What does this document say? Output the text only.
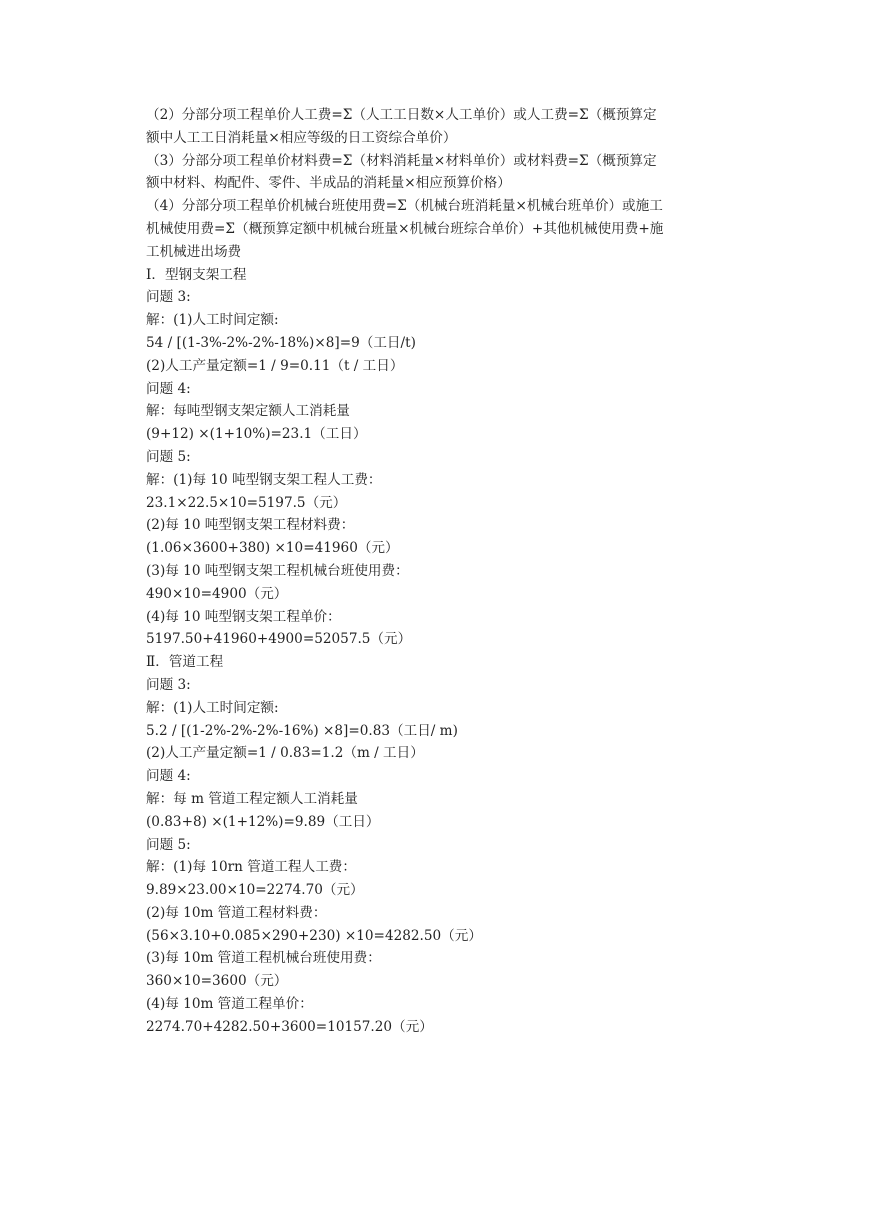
（2）分部分项工程单价人工费=Σ（人工工日数×人工单价）或人工费=Σ（概预算定
额中人工工日消耗量×相应等级的日工资综合单价）
（3）分部分项工程单价材料费=Σ（材料消耗量×材料单价）或材料费=Σ（概预算定
额中材料、构配件、零件、半成品的消耗量×相应预算价格）
（4）分部分项工程单价机械台班使用费=Σ（机械台班消耗量×机械台班单价）或施工
机械使用费=Σ（概预算定额中机械台班量×机械台班综合单价）+其他机械使用费+施
工机械进出场费
I．型钢支架工程
问题 3:
解：(1)人工时间定额:
54 / [(1-3%-2%-2%-18%)×8]=9（工日/t)
(2)人工产量定额=1 / 9=0.11（t / 工日）
问题 4:
解：每吨型钢支架定额人工消耗量
(9+12) ×(1+10%)=23.1（工日）
问题 5:
解：(1)每 10 吨型钢支架工程人工费：
23.1×22.5×10=5197.5（元）
(2)每 10 吨型钢支架工程材料费：
(1.06×3600+380) ×10=41960（元）
(3)每 10 吨型钢支架工程机械台班使用费：
490×10=4900（元）
(4)每 10 吨型钢支架工程单价：
5197.50+41960+4900=52057.5（元）
Ⅱ．管道工程
问题 3:
解：(1)人工时间定额:
5.2 / [(1-2%-2%-2%-16%) ×8]=0.83（工日/ m)
(2)人工产量定额=1 / 0.83=1.2（m / 工日）
问题 4:
解：每 m 管道工程定额人工消耗量
(0.83+8) ×(1+12%)=9.89（工日）
问题 5:
解：(1)每 10rn 管道工程人工费：
9.89×23.00×10=2274.70（元）
(2)每 10m 管道工程材料费：
(56×3.10+0.085×290+230) ×10=4282.50（元）
(3)每 10m 管道工程机械台班使用费：
360×10=3600（元）
(4)每 10m 管道工程单价：
2274.70+4282.50+3600=10157.20（元）
